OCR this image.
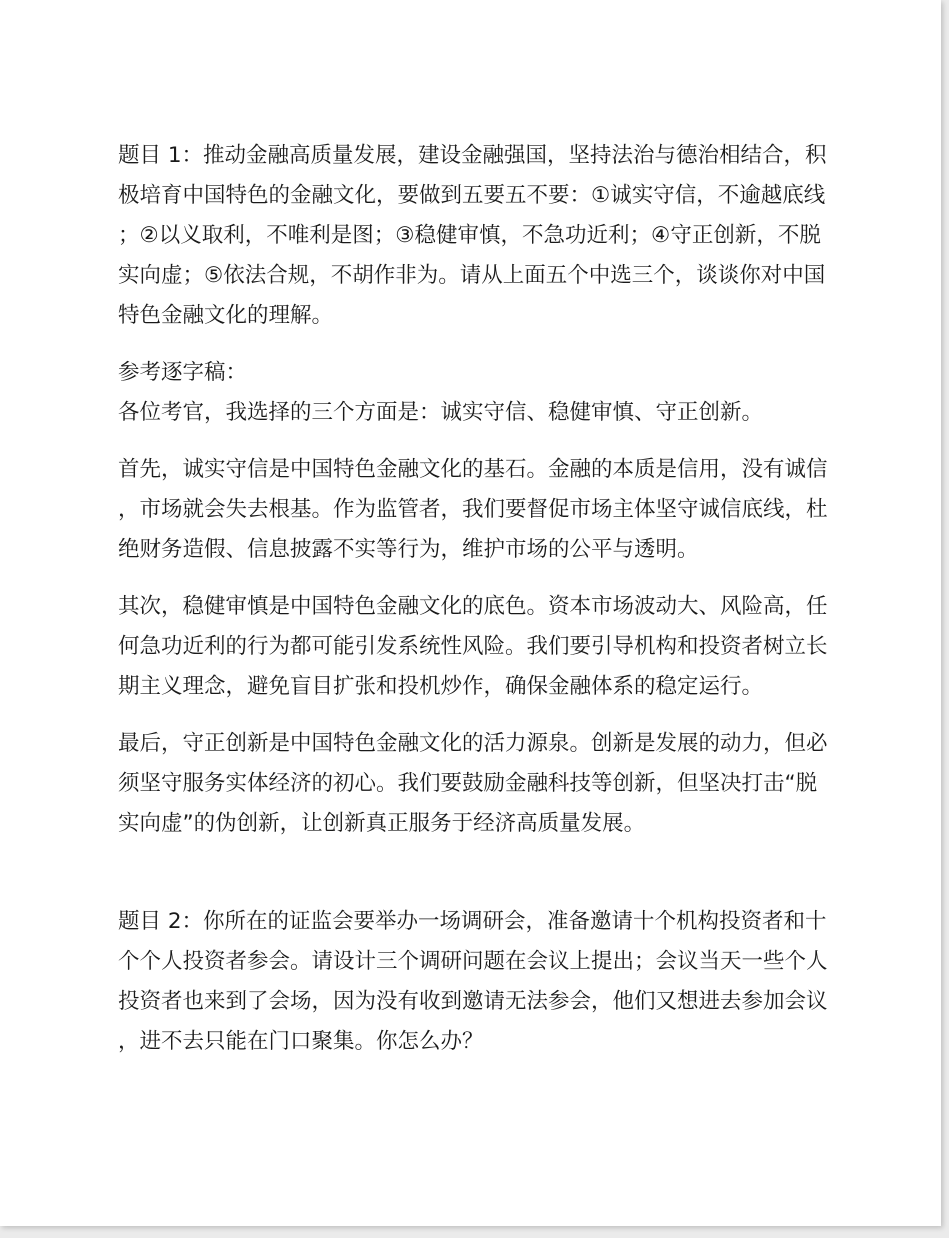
题目 1：推动金融高质量发展，建设金融强国，坚持法治与德治相结合，积
极培育中国特色的金融文化，要做到五要五不要：①诚实守信，不逾越底线
；②以义取利，不唯利是图；③稳健审慎，不急功近利；④守正创新，不脱
实向虚；⑤依法合规，不胡作非为。请从上面五个中选三个，谈谈你对中国
特色金融文化的理解。

参考逐字稿：

各位考官，我选择的三个方面是：诚实守信、稳健审慎、守正创新。

首先，诚实守信是中国特色金融文化的基石。金融的本质是信用，没有诚信
，市场就会失去根基。作为监管者，我们要督促市场主体坚守诚信底线，杜
绝财务造假、信息披露不实等行为，维护市场的公平与透明。

其次，稳健审慎是中国特色金融文化的底色。资本市场波动大、风险高，任
何急功近利的行为都可能引发系统性风险。我们要引导机构和投资者树立长
期主义理念，避免盲目扩张和投机炒作，确保金融体系的稳定运行。

最后，守正创新是中国特色金融文化的活力源泉。创新是发展的动力，但必
须坚守服务实体经济的初心。我们要鼓励金融科技等创新，但坚决打击“脱
实向虚”的伪创新，让创新真正服务于经济高质量发展。

题目 2：你所在的证监会要举办一场调研会，准备邀请十个机构投资者和十
个个人投资者参会。请设计三个调研问题在会议上提出；会议当天一些个人
投资者也来到了会场，因为没有收到邀请无法参会，他们又想进去参加会议
，进不去只能在门口聚集。你怎么办？
